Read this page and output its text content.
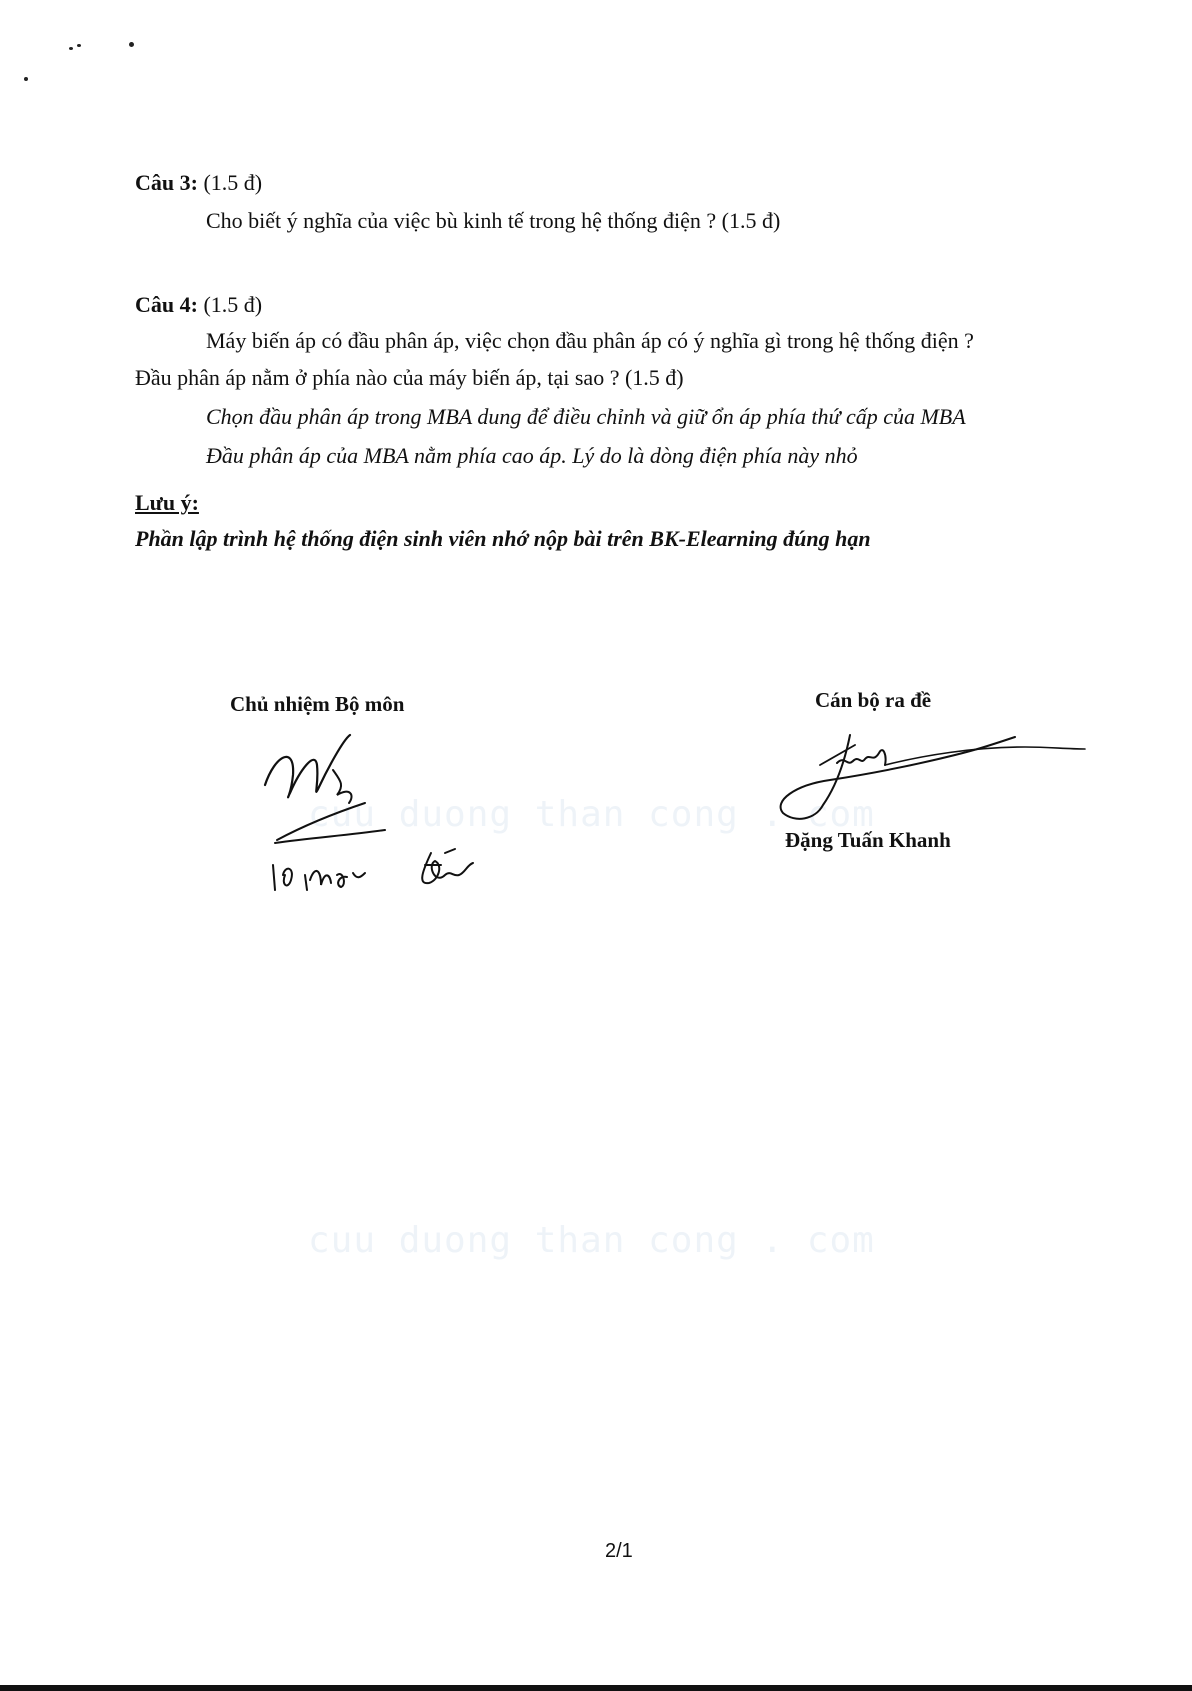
Câu 3: (1.5 đ)
Cho biết ý nghĩa của việc bù kinh tế trong hệ thống điện ? (1.5 đ)
Câu 4: (1.5 đ)
Máy biến áp có đầu phân áp, việc chọn đầu phân áp có ý nghĩa gì trong hệ thống điện ?
Đầu phân áp nằm ở phía nào của máy biến áp, tại sao ? (1.5 đ)
Chọn đầu phân áp trong MBA dung để điều chỉnh và giữ ổn áp phía thứ cấp của MBA
Đầu phân áp của MBA nằm phía cao áp. Lý do là dòng điện phía này nhỏ
Lưu ý:
Phần lập trình hệ thống điện sinh viên nhớ nộp bài trên BK-Elearning đúng hạn
Chủ nhiệm Bộ môn	Cán bộ ra đề
cuu duong than cong . com
cuu duong than cong . com
Đặng Tuấn Khanh
2/1
